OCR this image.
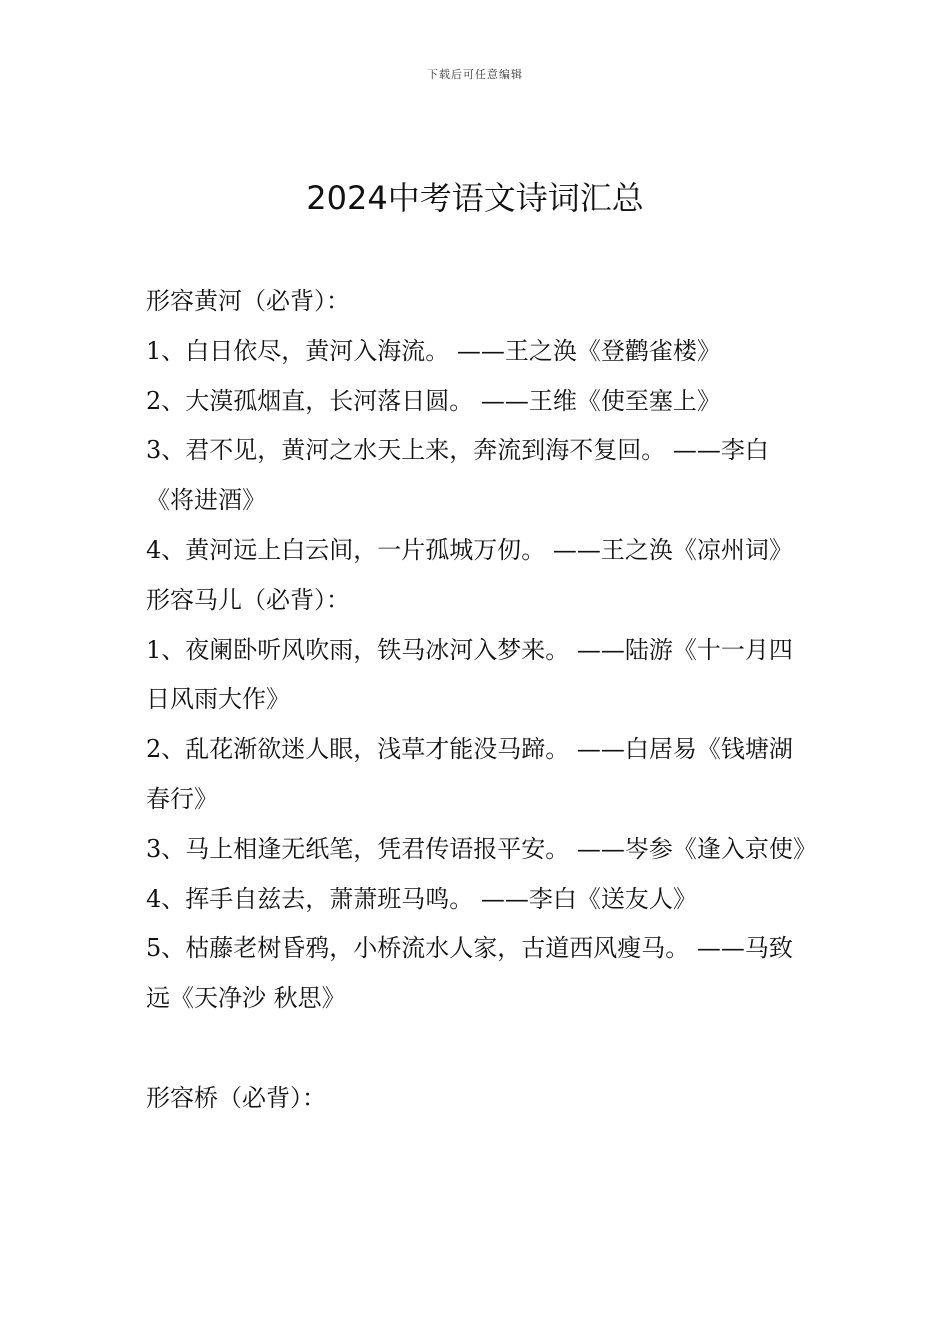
下载后可任意编辑
2024中考语文诗词汇总

形容黄河（必背）：

1、白日依尽，黄河入海流。 ——王之涣《登鹳雀楼》

2、大漠孤烟直，长河落日圆。 ——王维《使至塞上》

3、君不见，黄河之水天上来，奔流到海不复回。 ——李白《将进酒》

4、黄河远上白云间，一片孤城万仞。 ——王之涣《凉州词》

形容马儿（必背）：

1、夜阑卧听风吹雨，铁马冰河入梦来。 ——陆游《十一月四日风雨大作》

2、乱花渐欲迷人眼，浅草才能没马蹄。 ——白居易《钱塘湖春行》

3、马上相逢无纸笔，凭君传语报平安。 ——岑参《逢入京使》

4、挥手自兹去，萧萧班马鸣。 ——李白《送友人》

5、枯藤老树昏鸦，小桥流水人家，古道西风瘦马。 ——马致远《天净沙 秋思》

形容桥（必背）：
